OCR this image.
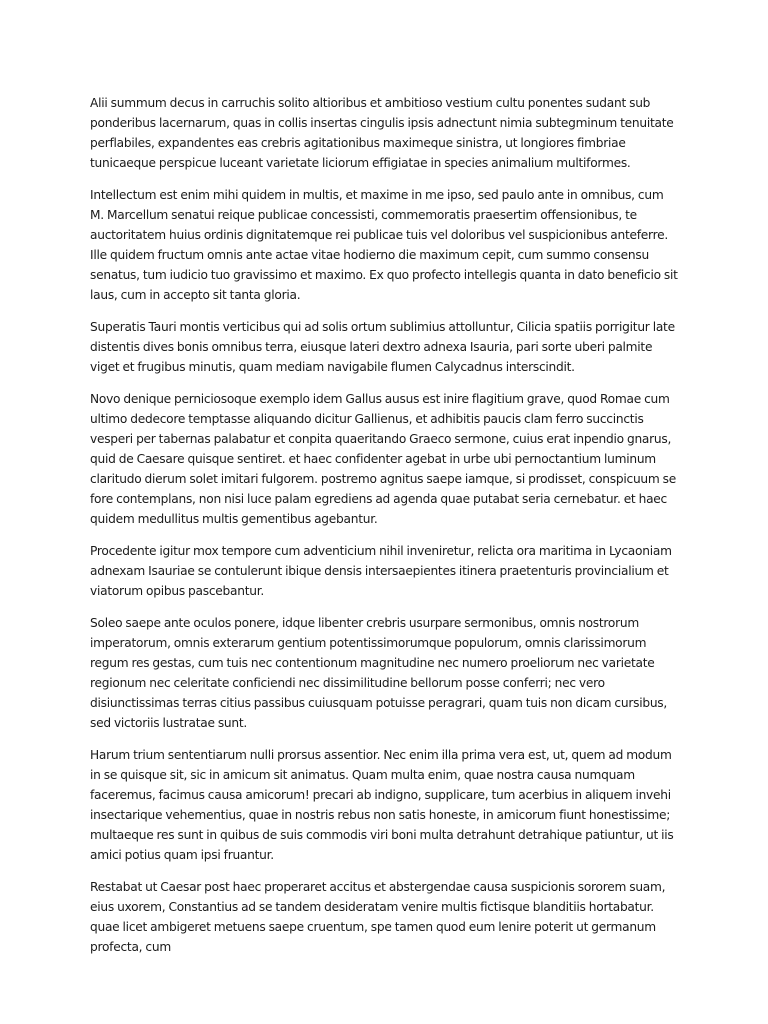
Alii summum decus in carruchis solito altioribus et ambitioso vestium cultu ponentes sudant sub ponderibus lacernarum, quas in collis insertas cingulis ipsis adnectunt nimia subtegminum tenuitate perflabiles, expandentes eas crebris agitationibus maximeque sinistra, ut longiores fimbriae tunicaeque perspicue luceant varietate liciorum effigiatae in species animalium multiformes.

Intellectum est enim mihi quidem in multis, et maxime in me ipso, sed paulo ante in omnibus, cum M. Marcellum senatui reique publicae concessisti, commemoratis praesertim offensionibus, te auctoritatem huius ordinis dignitatemque rei publicae tuis vel doloribus vel suspicionibus anteferre. Ille quidem fructum omnis ante actae vitae hodierno die maximum cepit, cum summo consensu senatus, tum iudicio tuo gravissimo et maximo. Ex quo profecto intellegis quanta in dato beneficio sit laus, cum in accepto sit tanta gloria.

Superatis Tauri montis verticibus qui ad solis ortum sublimius attolluntur, Cilicia spatiis porrigitur late distentis dives bonis omnibus terra, eiusque lateri dextro adnexa Isauria, pari sorte uberi palmite viget et frugibus minutis, quam mediam navigabile flumen Calycadnus interscindit.

Novo denique perniciosoque exemplo idem Gallus ausus est inire flagitium grave, quod Romae cum ultimo dedecore temptasse aliquando dicitur Gallienus, et adhibitis paucis clam ferro succinctis vesperi per tabernas palabatur et conpita quaeritando Graeco sermone, cuius erat inpendio gnarus, quid de Caesare quisque sentiret. et haec confidenter agebat in urbe ubi pernoctantium luminum claritudo dierum solet imitari fulgorem. postremo agnitus saepe iamque, si prodisset, conspicuum se fore contemplans, non nisi luce palam egrediens ad agenda quae putabat seria cernebatur. et haec quidem medullitus multis gementibus agebantur.

Procedente igitur mox tempore cum adventicium nihil inveniretur, relicta ora maritima in Lycaoniam adnexam Isauriae se contulerunt ibique densis intersaepientes itinera praetenturis provincialium et viatorum opibus pascebantur.

Soleo saepe ante oculos ponere, idque libenter crebris usurpare sermonibus, omnis nostrorum imperatorum, omnis exterarum gentium potentissimorumque populorum, omnis clarissimorum regum res gestas, cum tuis nec contentionum magnitudine nec numero proeliorum nec varietate regionum nec celeritate conficiendi nec dissimilitudine bellorum posse conferri; nec vero disiunctissimas terras citius passibus cuiusquam potuisse peragrari, quam tuis non dicam cursibus, sed victoriis lustratae sunt.

Harum trium sententiarum nulli prorsus assentior. Nec enim illa prima vera est, ut, quem ad modum in se quisque sit, sic in amicum sit animatus. Quam multa enim, quae nostra causa numquam faceremus, facimus causa amicorum! precari ab indigno, supplicare, tum acerbius in aliquem invehi insectarique vehementius, quae in nostris rebus non satis honeste, in amicorum fiunt honestissime; multaeque res sunt in quibus de suis commodis viri boni multa detrahunt detrahique patiuntur, ut iis amici potius quam ipsi fruantur.

Restabat ut Caesar post haec properaret accitus et abstergendae causa suspicionis sororem suam, eius uxorem, Constantius ad se tandem desideratam venire multis fictisque blanditiis hortabatur. quae licet ambigeret metuens saepe cruentum, spe tamen quod eum lenire poterit ut germanum profecta, cum
